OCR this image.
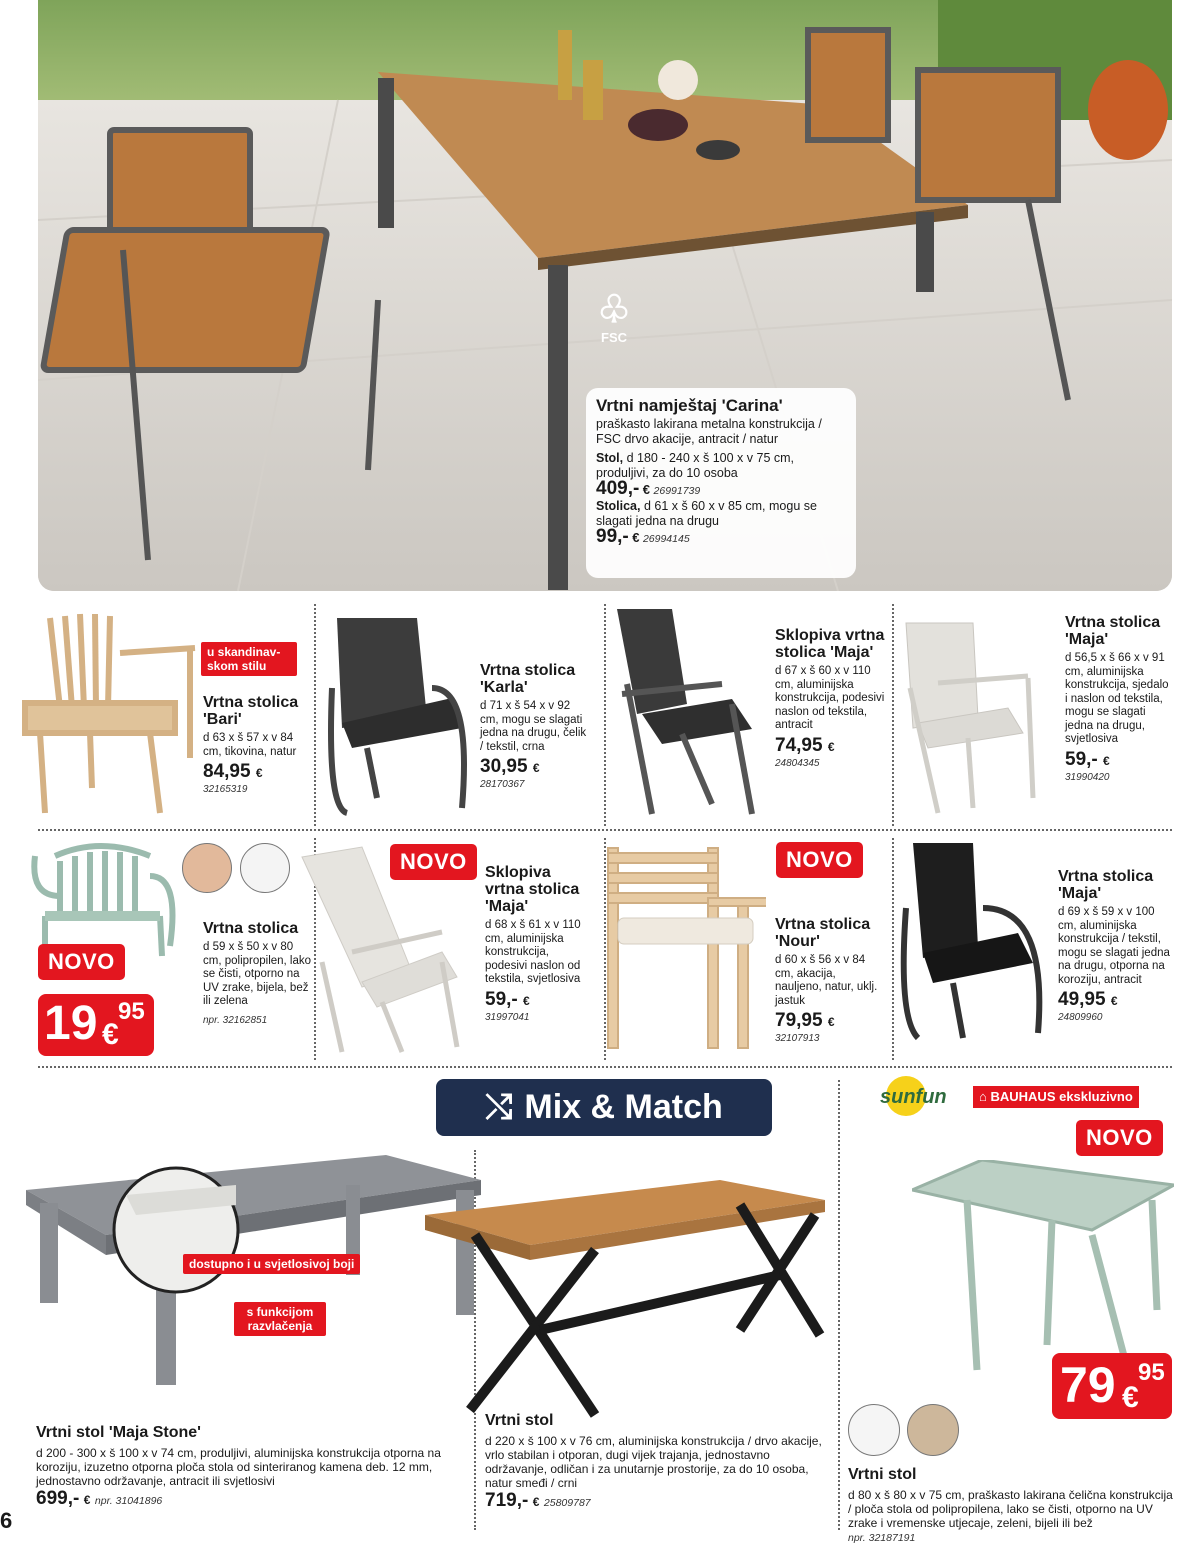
♧
FSC
Vrtni namještaj 'Carina'

praškasto lakirana metalna konstrukcija / FSC drvo akacije, antracit / natur

Stol, d 180 - 240 x š 100 x v 75 cm, produljivi, za do 10 osoba

409,- € 26991739

Stolica, d 61 x š 60 x v 85 cm, mogu se slagati jedna na drugu

99,- € 26994145
u skandinav-skom stilu
Vrtna stolica 'Bari'

d 63 x š 57 x v 84 cm, tikovina, natur

84,95 €
32165319
Vrtna stolica 'Karla'

d 71 x š 54 x v 92 cm, mogu se slagati jedna na drugu, čelik / tekstil, crna

30,95 €
28170367
Sklopiva vrtna stolica 'Maja'

d 67 x š 60 x v 110 cm, aluminijska konstrukcija, podesivi naslon od tekstila, antracit

74,95 €
24804345
Vrtna stolica 'Maja'

d 56,5 x š 66 x v 91 cm, aluminijska konstrukcija, sjedalo i naslon od tekstila, mogu se slagati jedna na drugu, svjetlosiva

59,- €
31990420
NOVO
19 95
€
Vrtna stolica

d 59 x š 50 x v 80 cm, polipropilen, lako se čisti, otporno na UV zrake, bijela, bež ili zelena

npr. 32162851
NOVO	Sklopiva vrtna stolica 'Maja'

d 68 x š 61 x v 110 cm, aluminijska konstrukcija, podesivi naslon od tekstila, svjetlosiva

59,- €
31997041
NOVO
Vrtna stolica 'Nour'

d 60 x š 56 x v 84 cm, akacija, nauljeno, natur, uklj. jastuk

79,95 €
32107913
Vrtna stolica 'Maja'

d 69 x š 59 x v 100 cm, aluminijska konstrukcija / tekstil, mogu se slagati jedna na drugu, otporna na koroziju, antracit

49,95 €
24809960
⤭ Mix & Match	sunfun	⌂ BAUHAUS ekskluzivno
NOVO
dostupno i u svjetlosivoj boji
s funkcijom razvlačenja
Vrtni stol 'Maja Stone'

d 200 - 300 x š 100 x v 74 cm, produljivi, aluminijska konstrukcija otporna na koroziju, izuzetno otporna ploča stola od sinteriranog kamena deb. 12 mm, jednostavno održavanje, antracit ili svjetlosivi

699,- € npr. 31041896
Vrtni stol

d 220 x š 100 x v 76 cm, aluminijska konstrukcija / drvo akacije, vrlo stabilan i otporan, dugi vijek trajanja, jednostavno održavanje, odličan i za unutarnje prostorije, za do 10 osoba, natur smeđi / crni

719,- € 25809787
79 95
€
Vrtni stol

d 80 x š 80 x v 75 cm, praškasto lakirana čelična konstrukcija / ploča stola od polipropilena, lako se čisti, otporno na UV zrake i vremenske utjecaje, zeleni, bijeli ili bež

npr. 32187191
6
